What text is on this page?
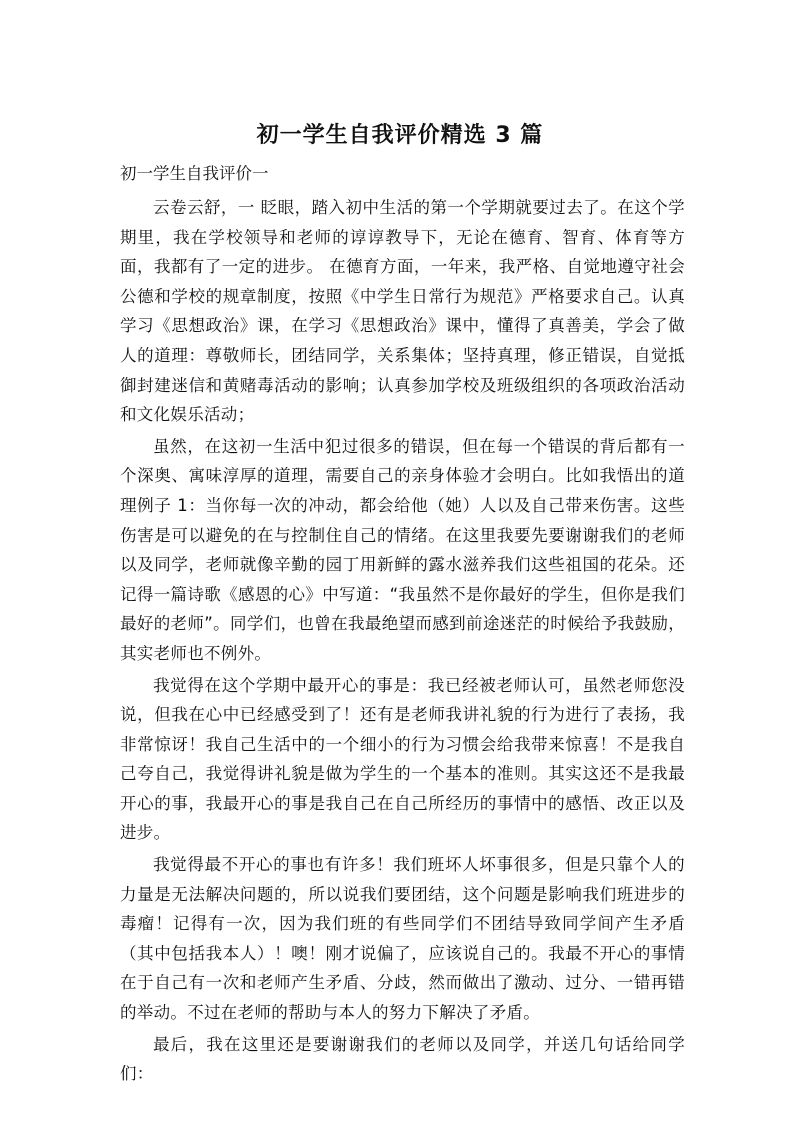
初一学生自我评价精选 3 篇

初一学生自我评价一

云卷云舒，一 眨眼，踏入初中生活的第一个学期就要过去了。在这个学期里，我在学校领导和老师的谆谆教导下，无论在德育、智育、体育等方面，我都有了一定的进步。 在德育方面，一年来，我严格、自觉地遵守社会公德和学校的规章制度，按照《中学生日常行为规范》严格要求自己。认真学习《思想政治》课，在学习《思想政治》课中，懂得了真善美，学会了做人的道理：尊敬师长，团结同学，关系集体；坚持真理，修正错误，自觉抵御封建迷信和黄赌毒活动的影响；认真参加学校及班级组织的各项政治活动和文化娱乐活动；

虽然，在这初一生活中犯过很多的错误，但在每一个错误的背后都有一个深奥、寓味淳厚的道理，需要自己的亲身体验才会明白。比如我悟出的道理例子 1：当你每一次的冲动，都会给他（她）人以及自己带来伤害。这些伤害是可以避免的在与控制住自己的情绪。在这里我要先要谢谢我们的老师以及同学，老师就像辛勤的园丁用新鲜的露水滋养我们这些祖国的花朵。还记得一篇诗歌《感恩的心》中写道：“我虽然不是你最好的学生，但你是我们最好的老师”。同学们，也曾在我最绝望而感到前途迷茫的时候给予我鼓励，其实老师也不例外。

我觉得在这个学期中最开心的事是：我已经被老师认可，虽然老师您没说，但我在心中已经感受到了！还有是老师我讲礼貌的行为进行了表扬，我非常惊讶！我自己生活中的一个细小的行为习惯会给我带来惊喜！不是我自己夸自己，我觉得讲礼貌是做为学生的一个基本的准则。其实这还不是我最开心的事，我最开心的事是我自己在自己所经历的事情中的感悟、改正以及进步。

我觉得最不开心的事也有许多！我们班坏人坏事很多，但是只靠个人的力量是无法解决问题的，所以说我们要团结，这个问题是影响我们班进步的毒瘤！记得有一次，因为我们班的有些同学们不团结导致同学间产生矛盾（其中包括我本人）！噢！刚才说偏了，应该说自己的。我最不开心的事情在于自己有一次和老师产生矛盾、分歧，然而做出了激动、过分、一错再错的举动。不过在老师的帮助与本人的努力下解决了矛盾。

最后，我在这里还是要谢谢我们的老师以及同学，并送几句话给同学们：
